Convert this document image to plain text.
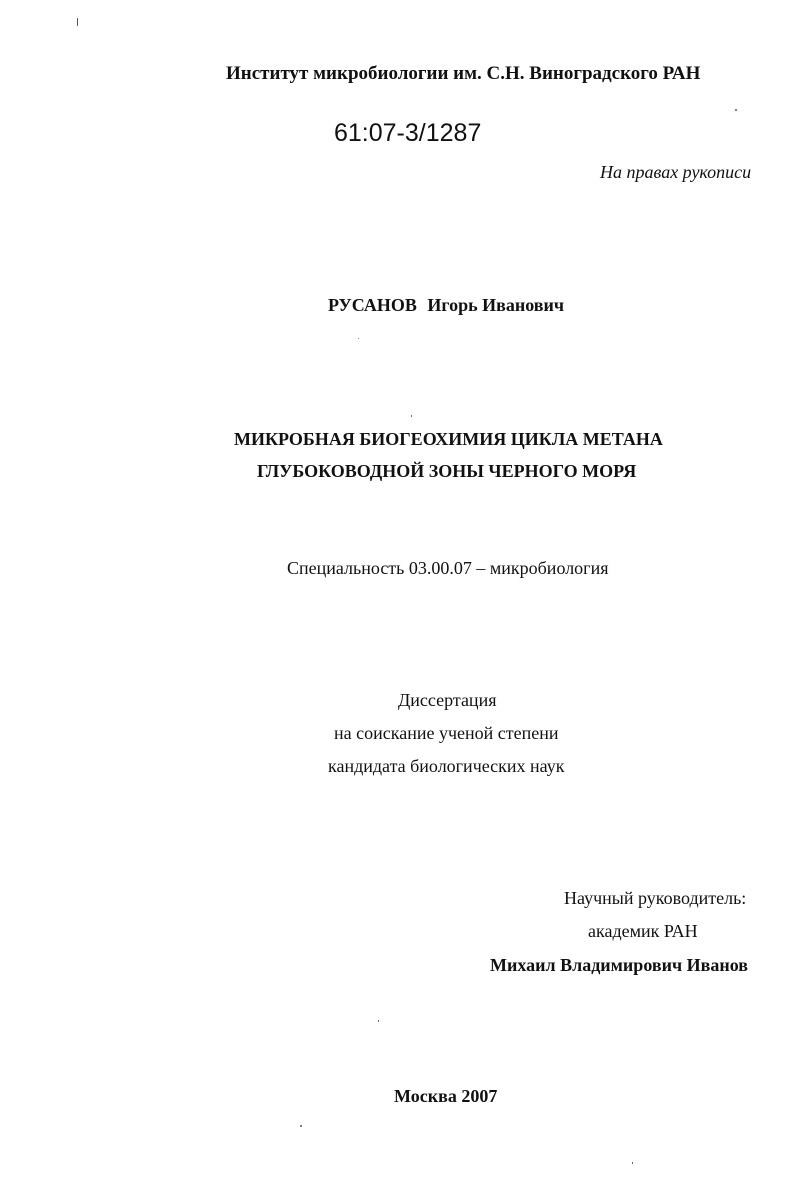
Институт микробиологии им. С.Н. Виноградского РАН
61:07-3/1287
На правах рукописи
РУСАНОВ Игорь Иванович
МИКРОБНАЯ БИОГЕОХИМИЯ ЦИКЛА МЕТАНА
ГЛУБОКОВОДНОЙ ЗОНЫ ЧЕРНОГО МОРЯ
Специальность 03.00.07 – микробиология
Диссертация
на соискание ученой степени
кандидата биологических наук
Научный руководитель:
академик РАН
Михаил Владимирович Иванов
Москва 2007
